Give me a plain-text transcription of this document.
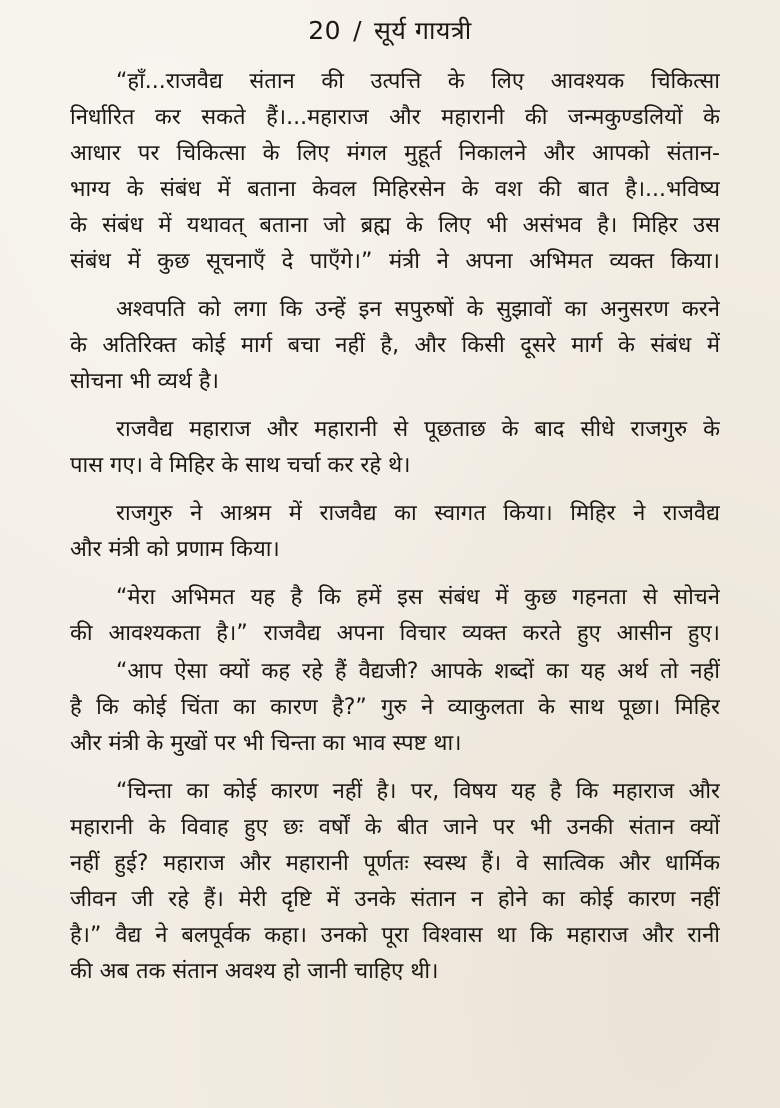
20 / सूर्य गायत्री

“हाँ...राजवैद्य संतान की उत्पत्ति के लिए आवश्यक चिकित्सा
निर्धारित कर सकते हैं।...महाराज और महारानी की जन्मकुण्डलियों के
आधार पर चिकित्सा के लिए मंगल मुहूर्त निकालने और आपको संतान-
भाग्य के संबंध में बताना केवल मिहिरसेन के वश की बात है।...भविष्य
के संबंध में यथावत् बताना जो ब्रह्म के लिए भी असंभव है। मिहिर उस
संबंध में कुछ सूचनाएँ दे पाएँगे।” मंत्री ने अपना अभिमत व्यक्त किया।

अश्वपति को लगा कि उन्हें इन सपुरुषों के सुझावों का अनुसरण करने
के अतिरिक्त कोई मार्ग बचा नहीं है, और किसी दूसरे मार्ग के संबंध में
सोचना भी व्यर्थ है।

राजवैद्य महाराज और महारानी से पूछताछ के बाद सीधे राजगुरु के
पास गए। वे मिहिर के साथ चर्चा कर रहे थे।

राजगुरु ने आश्रम में राजवैद्य का स्वागत किया। मिहिर ने राजवैद्य
और मंत्री को प्रणाम किया।

“मेरा अभिमत यह है कि हमें इस संबंध में कुछ गहनता से सोचने
की आवश्यकता है।” राजवैद्य अपना विचार व्यक्त करते हुए आसीन हुए।

“आप ऐसा क्यों कह रहे हैं वैद्यजी? आपके शब्दों का यह अर्थ तो नहीं
है कि कोई चिंता का कारण है?” गुरु ने व्याकुलता के साथ पूछा। मिहिर
और मंत्री के मुखों पर भी चिन्ता का भाव स्पष्ट था।

“चिन्ता का कोई कारण नहीं है। पर, विषय यह है कि महाराज और
महारानी के विवाह हुए छः वर्षों के बीत जाने पर भी उनकी संतान क्यों
नहीं हुई? महाराज और महारानी पूर्णतः स्वस्थ हैं। वे सात्विक और धार्मिक
जीवन जी रहे हैं। मेरी दृष्टि में उनके संतान न होने का कोई कारण नहीं
है।” वैद्य ने बलपूर्वक कहा। उनको पूरा विश्वास था कि महाराज और रानी
की अब तक संतान अवश्य हो जानी चाहिए थी।
